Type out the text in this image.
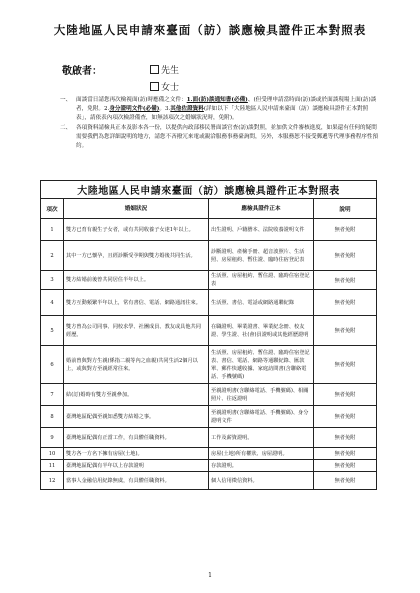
大陸地區人民申請來臺面（訪）談應檢具證件正本對照表
敬啟者：	先生
女士
一、 面談當日請您再次檢視面(訪)時應備之文件：1.面(訪)談通知書(必備)、(但受理申請當時面(訪)談或於面談現場上面(訪)談者，免附。2.身分證明文件(必備)。3.其他佐證資料(詳如以下「大陸地區人民申請來臺面（訪）談應檢具證件正本對照表」，請依表內項次檢證備查，如無該項次之婚姻狀況時，免附)。
二、 各項資料請檢具正本及影本各一份，以提供內政部移民署面談官查(訪)談對照，並加供文件審核進度，如果還有任何的疑問需要我們為您詳細說明的地方，請您不吝撥冗來電或親洽服務事務臺詢問，另外，本服務恕不接受郵遞等代理事務程序性預約。
大陸地區人民申請來臺面（訪）談應檢具證件正本對照表			
項次	婚姻狀況	應檢具證件正本	說明
1	雙方已育有親生子女者，或有共同收養子女達1年以上。	出生證明、戶籍謄本、法院收養證明文件	無者免附
2	其中一方已懷孕，且經診斷受孕期與雙方婚後共同生活。	診斷證明、產檢手冊、超音波照片、生活照、房屋租約、暫住證、臨時住宿登記表	無者免附
3	雙方結婚前後曾共同居住半年以上。	生活照、房屋租約、暫住證、臨時住宿登記表	無者免附
4	雙方互動頻繁半年以上，常有書信、電話、網路通訊往來。	生活照、書信、電話或網路通聯紀錄	無者免附
5	雙方曾為公司同事、同校求學、社團成員、教友或具他共同經歷。	在職證明、畢業證書、畢業紀念冊、校友證、學生證、社(會)員證明或其他經歷證明	無者免附
6	婚前曾與對方生親(係指二親等內之血親)共同生活2個月以上，或與對方至親經常往來。	生活照、房屋租約、暫住證、臨時住宿登記表、書信、電話、網路等通聯紀錄、匯款單、郵件快遞收據、家庭訪問書(含聯絡電話、手機號碼)	無者免附
7	結(訂)婚時有雙方至親參加。	至親證明書(含聯絡電話、手機號碼)、相關照片、往返證明	無者免附
8	臺灣地區配偶至親知悉雙方結婚之事。	至親證明書(含聯絡電話、手機號碼)、身分證明文件	無者免附
9	臺灣地區配偶有正當工作，有具體任職資料。	工作及薪資證明。	無者免附
10	雙方各一方名下擁有房屋(土地)。	房屋(土地)所有權狀、房屋證明。	無者免附
11	臺灣地區配偶有半年以上存款證明	存款證明。	無者免附
12	當事人金融信用紀錄無虞，有具體任職資料。	個人信用徵信資料。	無者免附
1
